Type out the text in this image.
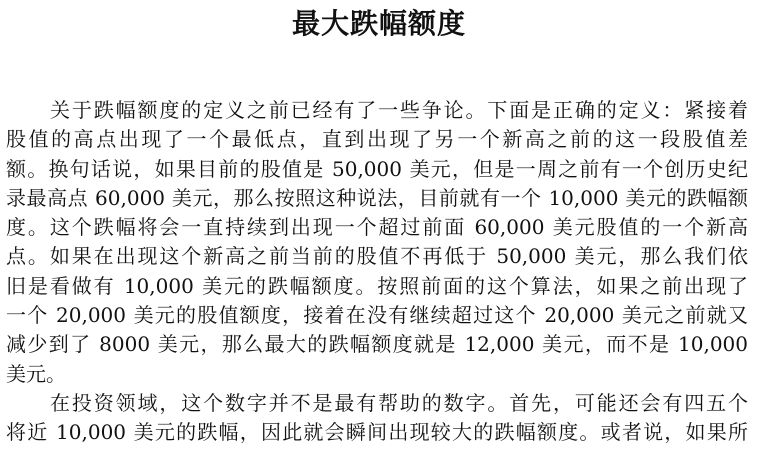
最大跌幅额度
关于跌幅额度的定义之前已经有了一些争论。下面是正确的定义：紧接着
股值的高点出现了一个最低点，直到出现了另一个新高之前的这一段股值差
额。换句话说，如果目前的股值是 50,000 美元，但是一周之前有一个创历史纪
录最高点 60,000 美元，那么按照这种说法，目前就有一个 10,000 美元的跌幅额
度。这个跌幅将会一直持续到出现一个超过前面 60,000 美元股值的一个新高
点。如果在出现这个新高之前当前的股值不再低于 50,000 美元，那么我们依
旧是看做有 10,000 美元的跌幅额度。按照前面的这个算法，如果之前出现了
一个 20,000 美元的股值额度，接着在没有继续超过这个 20,000 美元之前就又
减少到了 8000 美元，那么最大的跌幅额度就是 12,000 美元，而不是 10,000
美元。
在投资领域，这个数字并不是最有帮助的数字。首先，可能还会有四五个
将近 10,000 美元的跌幅，因此就会瞬间出现较大的跌幅额度。或者说，如果所
